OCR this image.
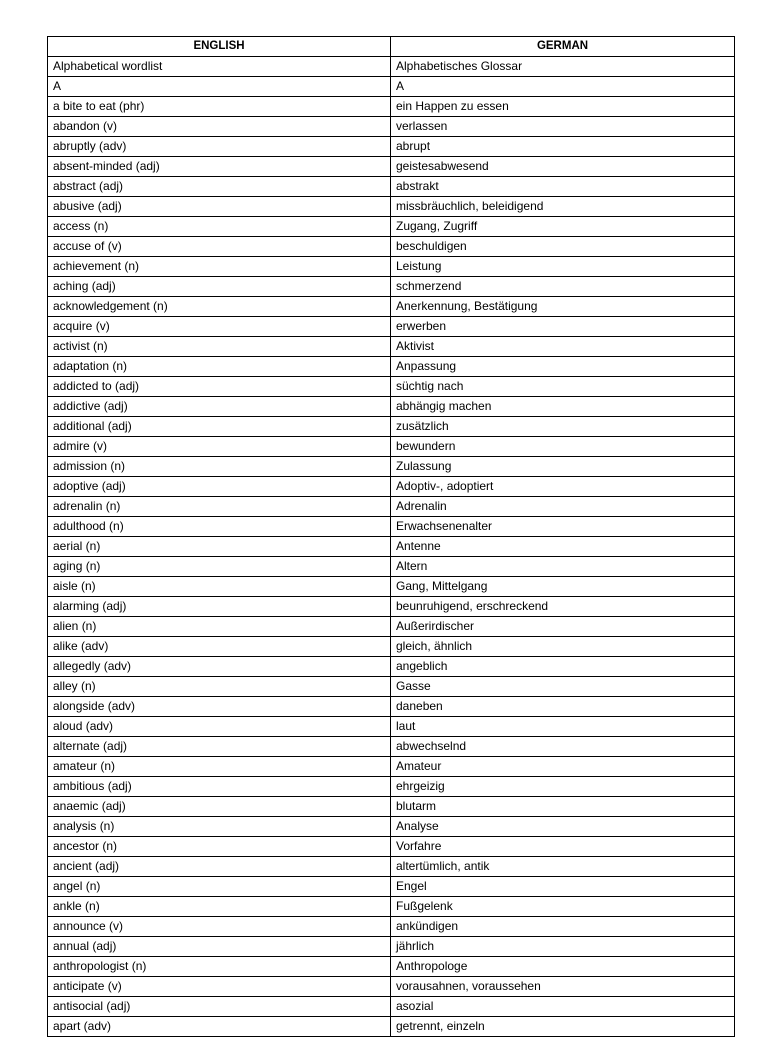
ENGLISH	GERMAN
Alphabetical wordlist	Alphabetisches Glossar
A	A
a bite to eat (phr)	ein Happen zu essen
abandon (v)	verlassen
abruptly (adv)	abrupt
absent-minded (adj)	geistesabwesend
abstract (adj)	abstrakt
abusive (adj)	missbräuchlich, beleidigend
access (n)	Zugang, Zugriff
accuse of (v)	beschuldigen
achievement (n)	Leistung
aching (adj)	schmerzend
acknowledgement (n)	Anerkennung, Bestätigung
acquire (v)	erwerben
activist (n)	Aktivist
adaptation (n)	Anpassung
addicted to (adj)	süchtig nach
addictive (adj)	abhängig machen
additional (adj)	zusätzlich
admire (v)	bewundern
admission (n)	Zulassung
adoptive (adj)	Adoptiv-, adoptiert
adrenalin (n)	Adrenalin
adulthood (n)	Erwachsenenalter
aerial (n)	Antenne
aging (n)	Altern
aisle (n)	Gang, Mittelgang
alarming (adj)	beunruhigend, erschreckend
alien (n)	Außerirdischer
alike (adv)	gleich, ähnlich
allegedly (adv)	angeblich
alley (n)	Gasse
alongside (adv)	daneben
aloud (adv)	laut
alternate (adj)	abwechselnd
amateur (n)	Amateur
ambitious (adj)	ehrgeizig
anaemic (adj)	blutarm
analysis (n)	Analyse
ancestor (n)	Vorfahre
ancient (adj)	altertümlich, antik
angel (n)	Engel
ankle (n)	Fußgelenk
announce (v)	ankündigen
annual (adj)	jährlich
anthropologist (n)	Anthropologe
anticipate (v)	vorausahnen, voraussehen
antisocial (adj)	asozial
apart (adv)	getrennt, einzeln
